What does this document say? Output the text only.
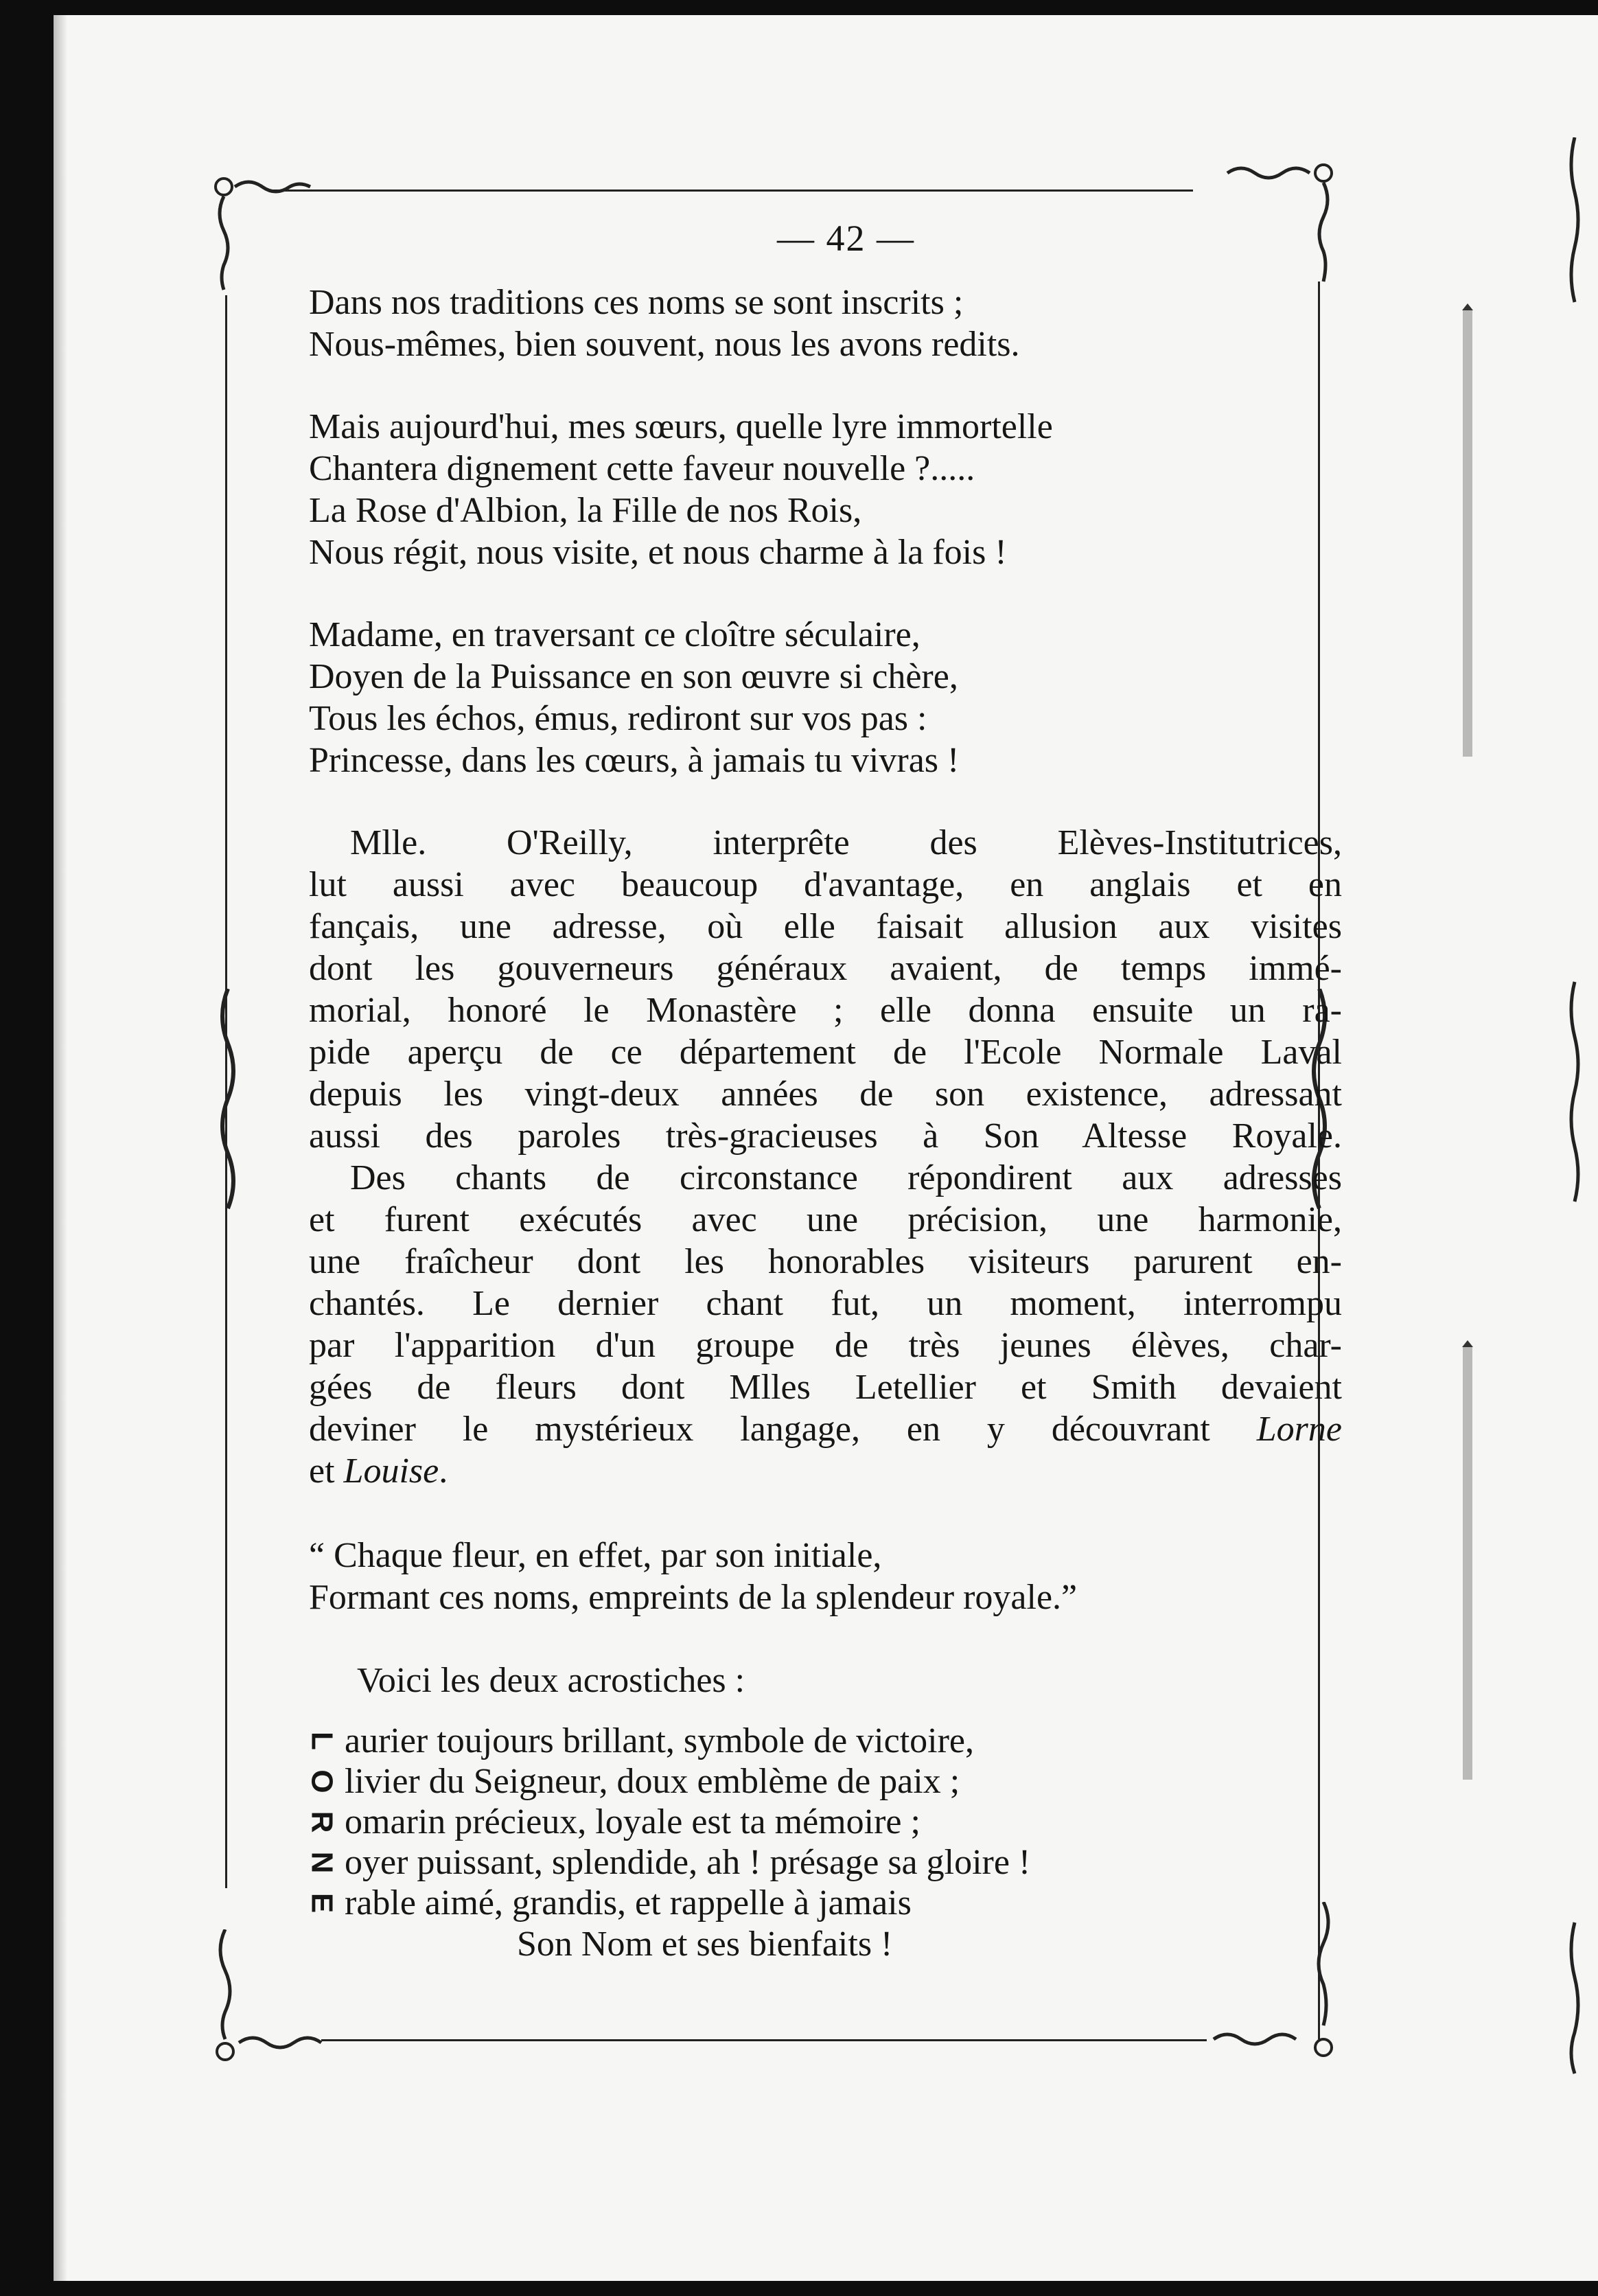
— 42 —
Dans nos traditions ces noms se sont inscrits ;
Nous-mêmes, bien souvent, nous les avons redits.
Mais aujourd'hui, mes sœurs, quelle lyre immortelle
Chantera dignement cette faveur nouvelle ?.....
La Rose d'Albion, la Fille de nos Rois,
Nous régit, nous visite, et nous charme à la fois !
Madame, en traversant ce cloître séculaire,
Doyen de la Puissance en son œuvre si chère,
Tous les échos, émus, rediront sur vos pas :
Princesse, dans les cœurs, à jamais tu vivras !
Mlle. O'Reilly, interprête des Elèves-Institutrices,
lut aussi avec beaucoup d'avantage, en anglais et en
fançais, une adresse, où elle faisait allusion aux visites
dont les gouverneurs généraux avaient, de temps immé-
morial, honoré le Monastère ; elle donna ensuite un ra-
pide aperçu de ce département de l'Ecole Normale Laval
depuis les vingt-deux années de son existence, adressant
aussi des paroles très-gracieuses à Son Altesse Royale.
Des chants de circonstance répondirent aux adresses
et furent exécutés avec une précision, une harmonie,
une fraîcheur dont les honorables visiteurs parurent en-
chantés. Le dernier chant fut, un moment, interrompu
par l'apparition d'un groupe de très jeunes élèves, char-
gées de fleurs dont Mlles Letellier et Smith devaient
deviner le mystérieux langage, en y découvrant Lorne
et Louise.
“ Chaque fleur, en effet, par son initiale,
Formant ces noms, empreints de la splendeur royale.”
Voici les deux acrostiches :
L aurier toujours brillant, symbole de victoire,
O livier du Seigneur, doux emblème de paix ;
R omarin précieux, loyale est ta mémoire ;
N oyer puissant, splendide, ah ! présage sa gloire !
E rable aimé, grandis, et rappelle à jamais
Son Nom et ses bienfaits !
